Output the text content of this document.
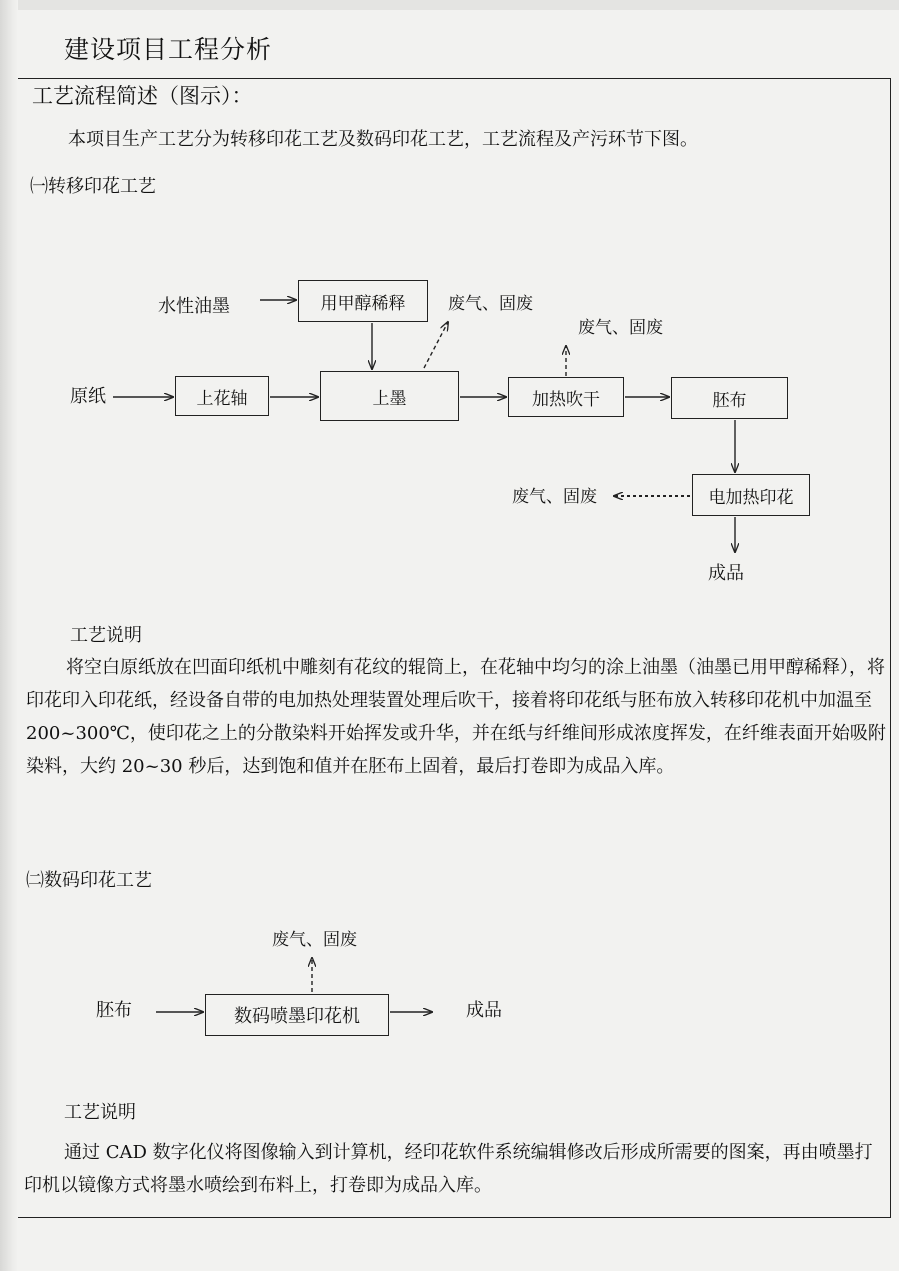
建设项目工程分析
工艺流程简述（图示）：
本项目生产工艺分为转移印花工艺及数码印花工艺，工艺流程及产污环节下图。
㈠转移印花工艺
水性油墨	用甲醇稀释	废气、固废
废气、固废
原纸	上花轴	上墨	加热吹干	胚布
废气、固废	电加热印花
成品
工艺说明
将空白原纸放在凹面印纸机中雕刻有花纹的辊筒上，在花轴中均匀的涂上油墨（油墨已用甲醇稀释），将印花印入印花纸，经设备自带的电加热处理装置处理后吹干，接着将印花纸与胚布放入转移印花机中加温至 200~300℃，使印花之上的分散染料开始挥发或升华，并在纸与纤维间形成浓度挥发，在纤维表面开始吸附染料，大约 20~30 秒后，达到饱和值并在胚布上固着，最后打卷即为成品入库。
㈡数码印花工艺
废气、固废
胚布	数码喷墨印花机	成品
工艺说明
通过 CAD 数字化仪将图像输入到计算机，经印花软件系统编辑修改后形成所需要的图案，再由喷墨打印机以镜像方式将墨水喷绘到布料上，打卷即为成品入库。
